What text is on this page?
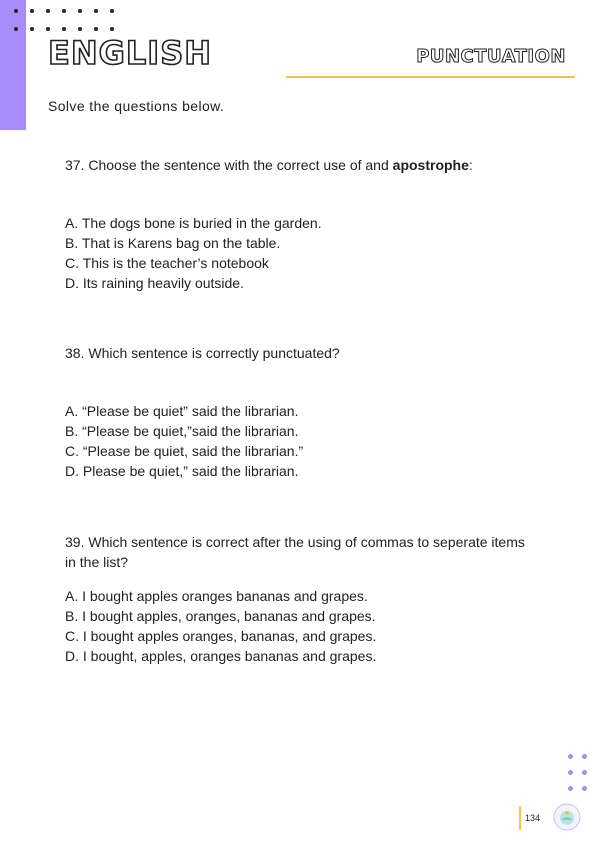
ENGLISH	PUNCTUATION
Solve the questions below.
37. Choose the sentence with the correct use of and apostrophe:
A. The dogs bone is buried in the garden.
B. That is Karens bag on the table.
C. This is the teacher’s notebook
D. Its raining heavily outside.
38. Which sentence is correctly punctuated?
A. “Please be quiet” said the librarian.
B. “Please be quiet,”said the librarian.
C. “Please be quiet, said the librarian.”
D. Please be quiet,” said the librarian.
39. Which sentence is correct after the using of commas to seperate items in the list?
A. I bought apples oranges bananas and grapes.
B. I bought apples, oranges, bananas and grapes.
C. I bought apples oranges, bananas, and grapes.
D. I bought, apples, oranges bananas and grapes.
134
